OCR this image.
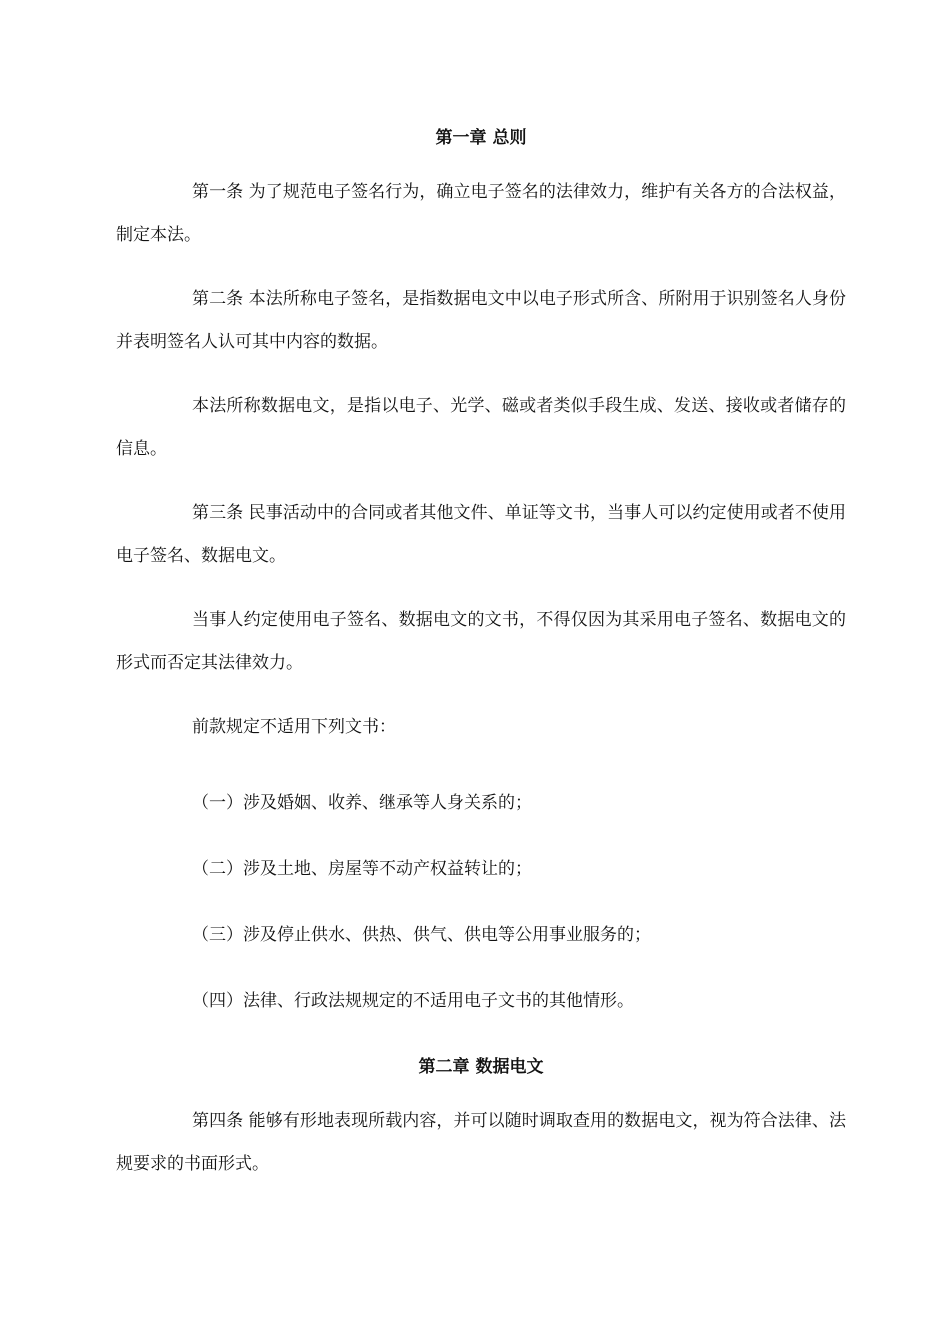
第一章 总则

第一条 为了规范电子签名行为，确立电子签名的法律效力，维护有关各方的合法权益，制定本法。

第二条 本法所称电子签名，是指数据电文中以电子形式所含、所附用于识别签名人身份并表明签名人认可其中内容的数据。

本法所称数据电文，是指以电子、光学、磁或者类似手段生成、发送、接收或者储存的信息。

第三条 民事活动中的合同或者其他文件、单证等文书，当事人可以约定使用或者不使用电子签名、数据电文。

当事人约定使用电子签名、数据电文的文书，不得仅因为其采用电子签名、数据电文的形式而否定其法律效力。

前款规定不适用下列文书：

（一）涉及婚姻、收养、继承等人身关系的；

（二）涉及土地、房屋等不动产权益转让的；

（三）涉及停止供水、供热、供气、供电等公用事业服务的；

（四）法律、行政法规规定的不适用电子文书的其他情形。

第二章 数据电文

第四条 能够有形地表现所载内容，并可以随时调取查用的数据电文，视为符合法律、法规要求的书面形式。
